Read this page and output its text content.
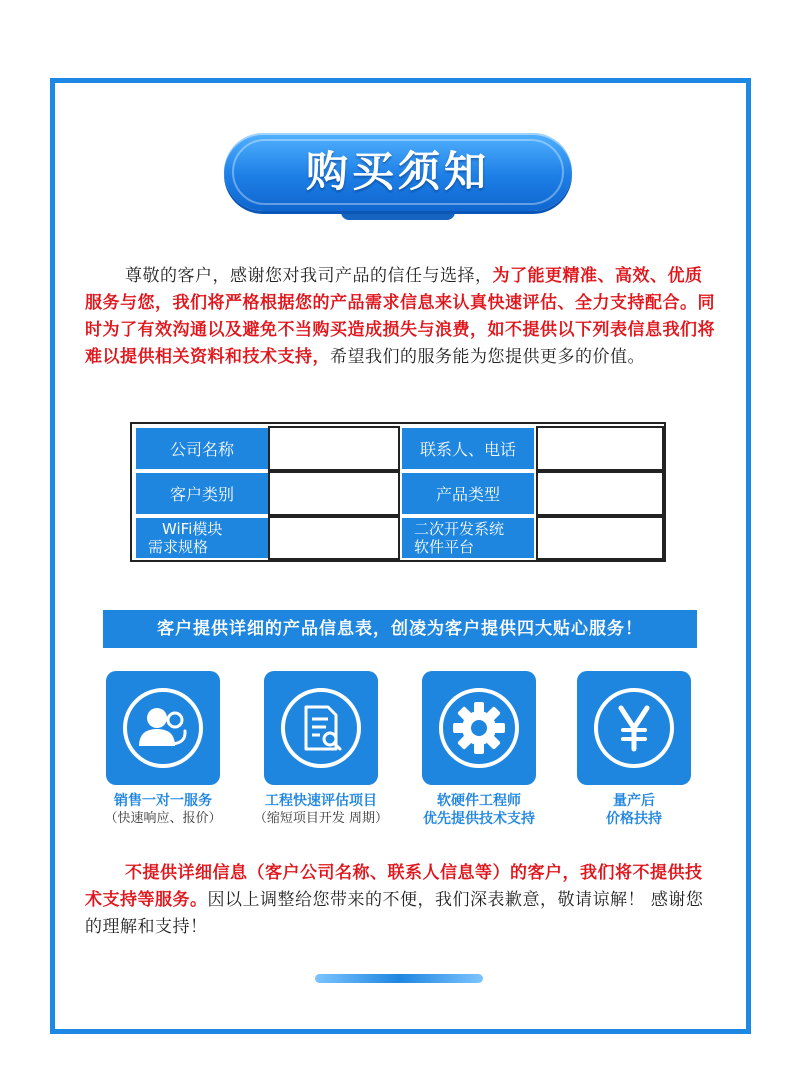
购买须知
尊敬的客户，感谢您对我司产品的信任与选择，为了能更精准、高效、优质服务与您，我们将严格根据您的产品需求信息来认真快速评估、全力支持配合。同时为了有效沟通以及避免不当购买造成损失与浪费，如不提供以下列表信息我们将难以提供相关资料和技术支持，希望我们的服务能为您提供更多的价值。
公司名称	联系人、电话
客户类别	产品类型
WiFi模块
需求规格
二次开发系统
软件平台
客户提供详细的产品信息表，创凌为客户提供四大贴心服务！
销售一对一服务
（快速响应、报价）
工程快速评估项目
（缩短项目开发 周期）
软硬件工程师
优先提供技术支持
量产后
价格扶持
不提供详细信息（客户公司名称、联系人信息等）的客户，我们将不提供技术支持等服务。因以上调整给您带来的不便，我们深表歉意，敬请谅解！ 感谢您的理解和支持！
